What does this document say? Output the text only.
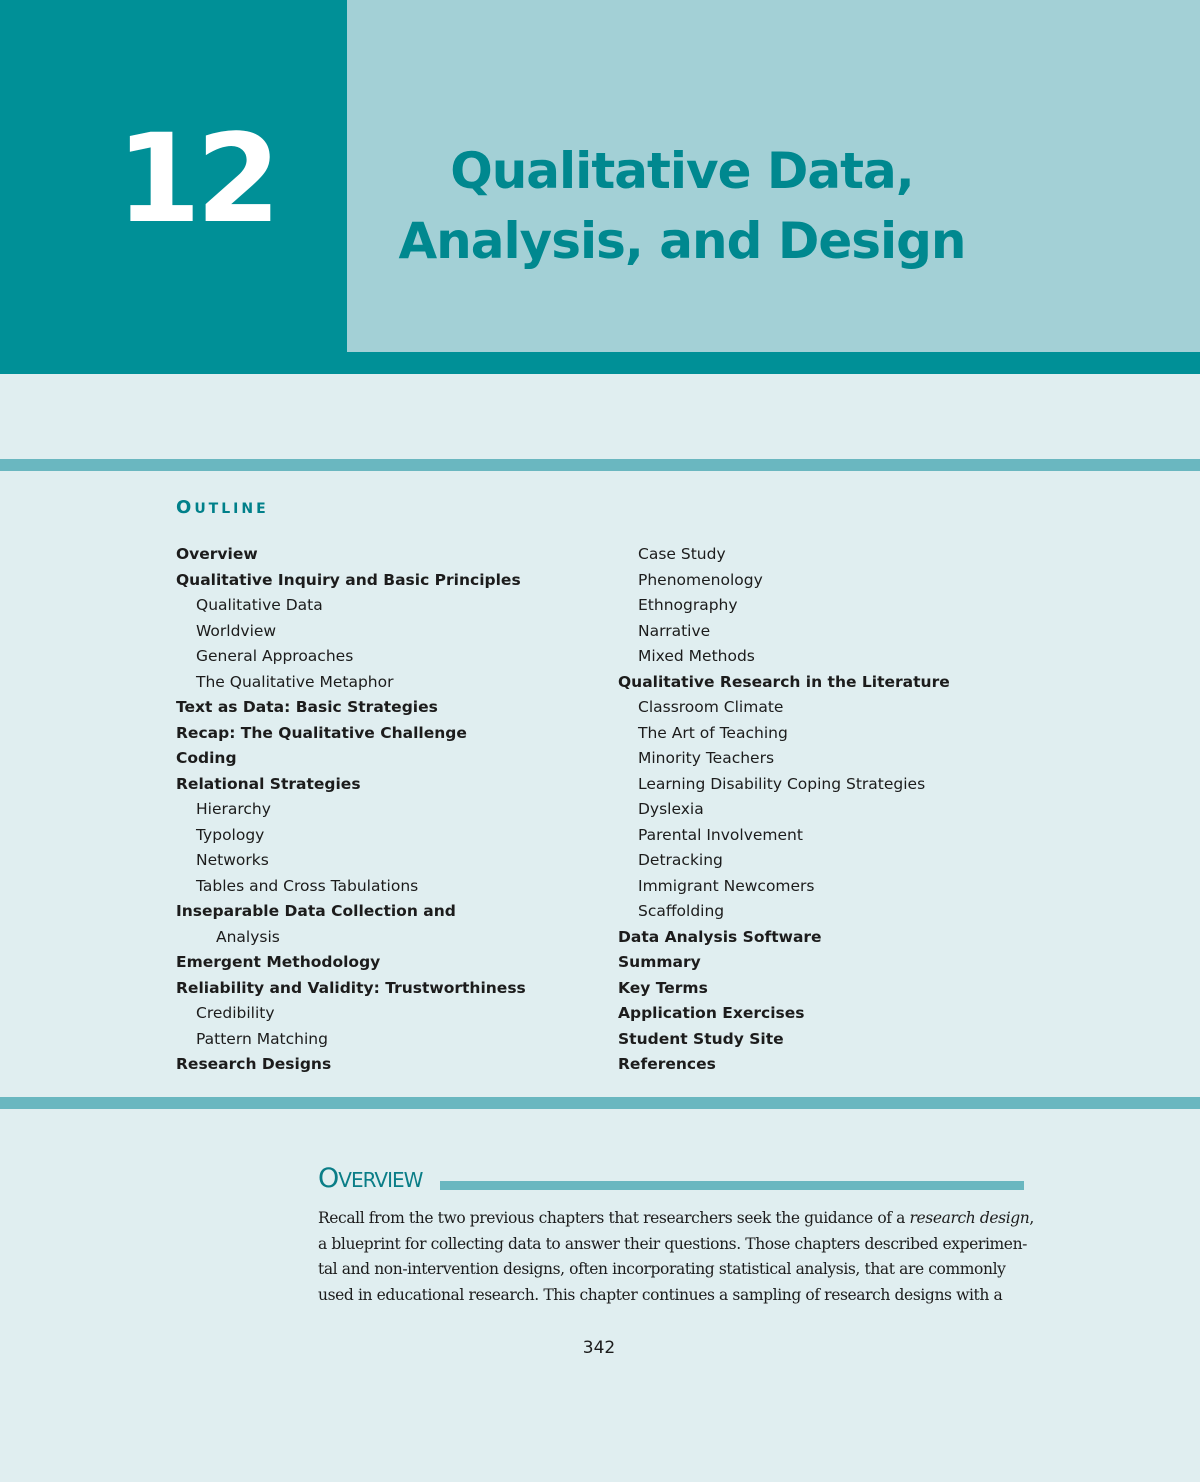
12	Qualitative Data,
Analysis, and Design
OUTLINE
Overview
Qualitative Inquiry and Basic Principles
Qualitative Data
Worldview
General Approaches
The Qualitative Metaphor
Text as Data: Basic Strategies
Recap: The Qualitative Challenge
Coding
Relational Strategies
Hierarchy
Typology
Networks
Tables and Cross Tabulations
Inseparable Data Collection and
Analysis
Emergent Methodology
Reliability and Validity: Trustworthiness
Credibility
Pattern Matching
Research Designs
Case Study
Phenomenology
Ethnography
Narrative
Mixed Methods
Qualitative Research in the Literature
Classroom Climate
The Art of Teaching
Minority Teachers
Learning Disability Coping Strategies
Dyslexia
Parental Involvement
Detracking
Immigrant Newcomers
Scaffolding
Data Analysis Software
Summary
Key Terms
Application Exercises
Student Study Site
References
OVERVIEW
Recall from the two previous chapters that researchers seek the guidance of a research design,
a blueprint for collecting data to answer their questions. Those chapters described experimen-
tal and non-intervention designs, often incorporating statistical analysis, that are commonly
used in educational research. This chapter continues a sampling of research designs with a
342
